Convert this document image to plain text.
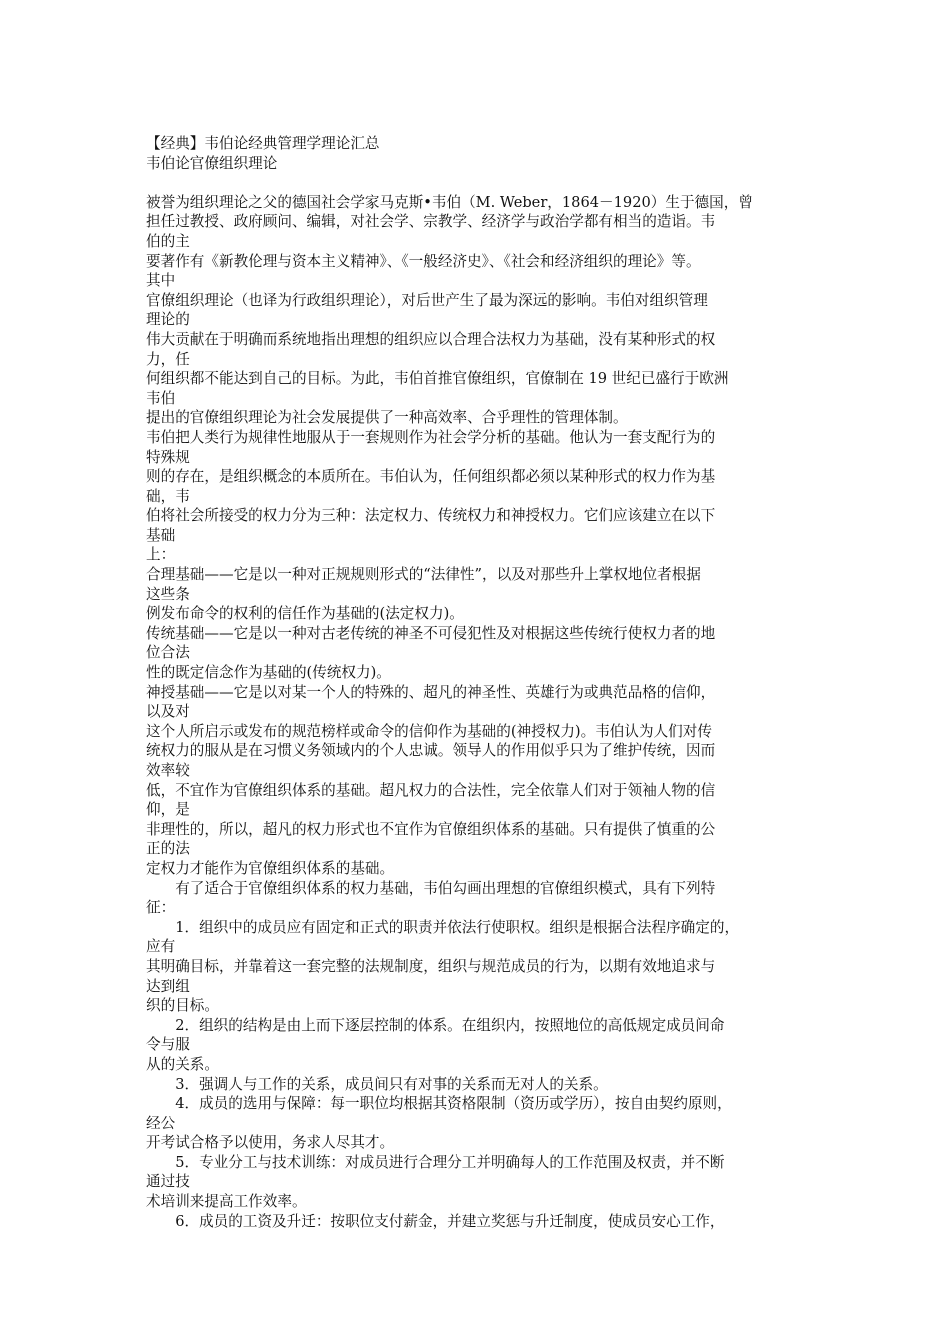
【经典】韦伯论经典管理学理论汇总
韦伯论官僚组织理论
被誉为组织理论之父的德国社会学家马克斯•韦伯（M. Weber，1864－1920）生于德国，曾
担任过教授、政府顾问、编辑，对社会学、宗教学、经济学与政治学都有相当的造诣。韦
伯的主
要著作有《新教伦理与资本主义精神》、《一般经济史》、《社会和经济组织的理论》等。
其中
官僚组织理论（也译为行政组织理论），对后世产生了最为深远的影响。韦伯对组织管理
理论的
伟大贡献在于明确而系统地指出理想的组织应以合理合法权力为基础，没有某种形式的权
力，任
何组织都不能达到自己的目标。为此，韦伯首推官僚组织，官僚制在 19 世纪已盛行于欧洲
韦伯
提出的官僚组织理论为社会发展提供了一种高效率、合乎理性的管理体制。
韦伯把人类行为规律性地服从于一套规则作为社会学分析的基础。他认为一套支配行为的
特殊规
则的存在，是组织概念的本质所在。韦伯认为，任何组织都必须以某种形式的权力作为基
础，韦
伯将社会所接受的权力分为三种：法定权力、传统权力和神授权力。它们应该建立在以下
基础
上：
合理基础——它是以一种对正规规则形式的“法律性”，以及对那些升上掌权地位者根据
这些条
例发布命令的权利的信任作为基础的(法定权力)。
传统基础——它是以一种对古老传统的神圣不可侵犯性及对根据这些传统行使权力者的地
位合法
性的既定信念作为基础的(传统权力)。
神授基础——它是以对某一个人的特殊的、超凡的神圣性、英雄行为或典范品格的信仰，
以及对
这个人所启示或发布的规范榜样或命令的信仰作为基础的(神授权力)。韦伯认为人们对传
统权力的服从是在习惯义务领域内的个人忠诚。领导人的作用似乎只为了维护传统，因而
效率较
低，不宜作为官僚组织体系的基础。超凡权力的合法性，完全依靠人们对于领袖人物的信
仰，是
非理性的，所以，超凡的权力形式也不宜作为官僚组织体系的基础。只有提供了慎重的公
正的法
定权力才能作为官僚组织体系的基础。
　　有了适合于官僚组织体系的权力基础，韦伯勾画出理想的官僚组织模式，具有下列特
征：
　　1．组织中的成员应有固定和正式的职责并依法行使职权。组织是根据合法程序确定的，
应有
其明确目标，并靠着这一套完整的法规制度，组织与规范成员的行为，以期有效地追求与
达到组
织的目标。
　　2．组织的结构是由上而下逐层控制的体系。在组织内，按照地位的高低规定成员间命
令与服
从的关系。
　　3．强调人与工作的关系，成员间只有对事的关系而无对人的关系。
　　4．成员的选用与保障：每一职位均根据其资格限制（资历或学历），按自由契约原则，
经公
开考试合格予以使用，务求人尽其才。
　　5．专业分工与技术训练：对成员进行合理分工并明确每人的工作范围及权责，并不断
通过技
术培训来提高工作效率。
　　6．成员的工资及升迁：按职位支付薪金，并建立奖惩与升迁制度，使成员安心工作，
